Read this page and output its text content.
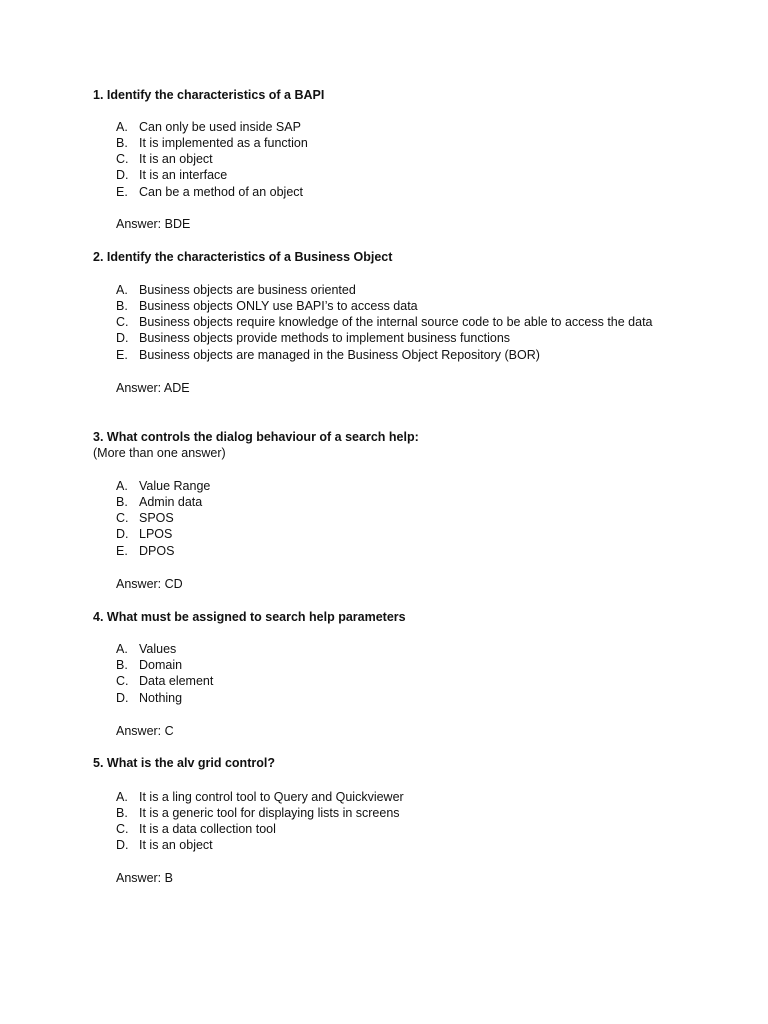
1. Identify the characteristics of a BAPI
A. Can only be used inside SAP
B. It is implemented as a function
C. It is an object
D. It is an interface
E. Can be a method of an object
Answer: BDE
2. Identify the characteristics of a Business Object
A. Business objects are business oriented
B. Business objects ONLY use BAPI’s to access data
C. Business objects require knowledge of the internal source code to be able to access the data
D. Business objects provide methods to implement business functions
E. Business objects are managed in the Business Object Repository (BOR)
Answer: ADE
3. What controls the dialog behaviour of a search help:
(More than one answer)
A. Value Range
B. Admin data
C. SPOS
D. LPOS
E. DPOS
Answer: CD
4. What must be assigned to search help parameters
A. Values
B. Domain
C. Data element
D. Nothing
Answer: C
5. What is the alv grid control?
A. It is a ling control tool to Query and Quickviewer
B. It is a generic tool for displaying lists in screens
C. It is a data collection tool
D. It is an object
Answer: B
